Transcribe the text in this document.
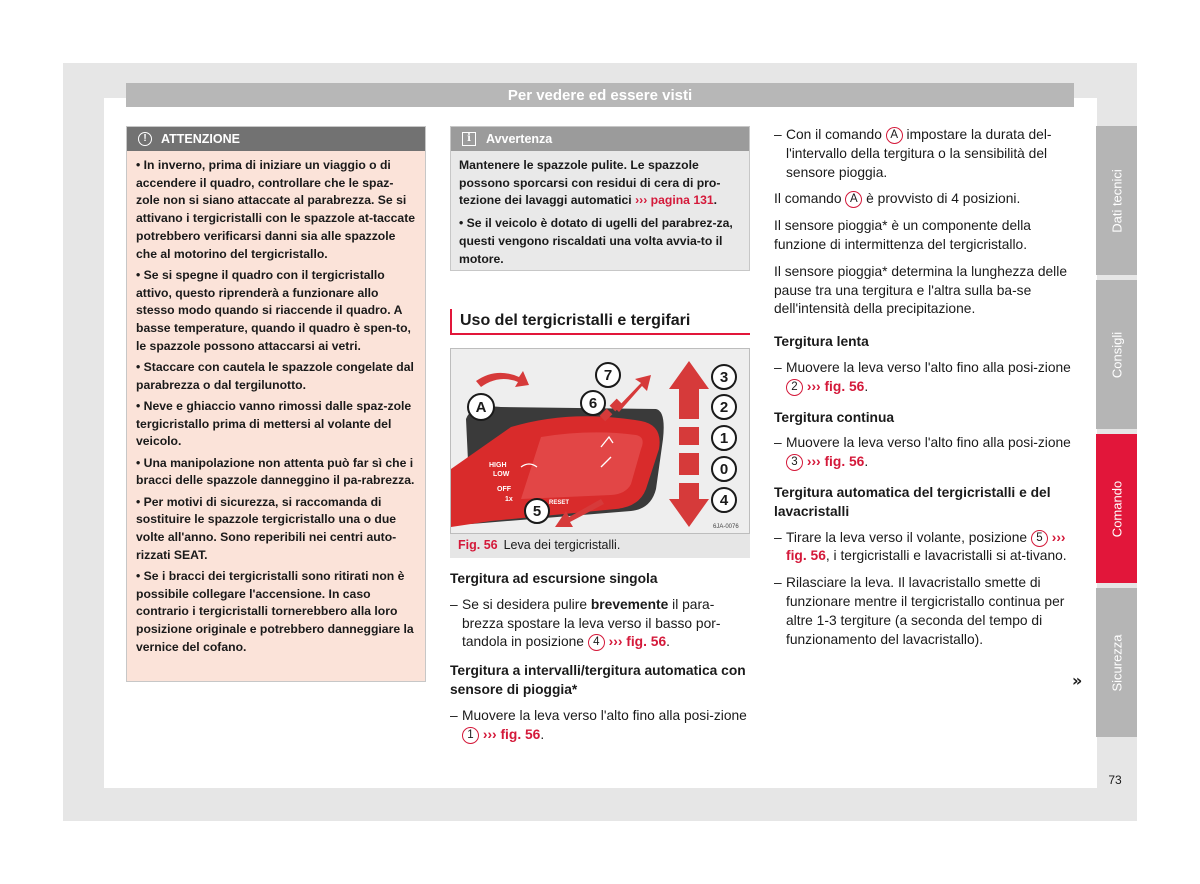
Per vedere ed essere visti
Dati tecnici
Consigli
Comando
Sicurezza
!	ATTENZIONE

• In inverno, prima di iniziare un viaggio o di accendere il quadro, controllare che le spaz-zole non si siano attaccate al parabrezza. Se si attivano i tergicristalli con le spazzole at-taccate potrebbero verificarsi danni sia alle spazzole che al motorino del tergicristallo.

• Se si spegne il quadro con il tergicristallo attivo, questo riprenderà a funzionare allo stesso modo quando si riaccende il quadro. A basse temperature, quando il quadro è spen-to, le spazzole possono attaccarsi ai vetri.

• Staccare con cautela le spazzole congelate dal parabrezza o dal tergilunotto.

• Neve e ghiaccio vanno rimossi dalle spaz-zole tergicristallo prima di mettersi al volante del veicolo.

• Una manipolazione non attenta può far sì che i bracci delle spazzole danneggino il pa-rabrezza.

• Per motivi di sicurezza, si raccomanda di sostituire le spazzole tergicristallo una o due volte all'anno. Sono reperibili nei centri auto-rizzati SEAT.

• Se i bracci dei tergicristalli sono ritirati non è possibile collegare l'accensione. In caso contrario i tergicristalli tornerebbero alla loro posizione originale e potrebbero danneggiare la vernice del cofano.

i	Avvertenza

Mantenere le spazzole pulite. Le spazzole possono sporcarsi con residui di cera di pro-tezione dei lavaggi automatici ››› pagina 131.

• Se il veicolo è dotato di ugelli del parabrez-za, questi vengono riscaldati una volta avvia-to il motore.

Uso del tergicristalli e tergifari
HIGH
LOW
OFF
1x	RESET
A
7
6
5
3
2
1
0
4
6JA-0076
Fig. 56 Leva dei tergicristalli.
Tergitura ad escursione singola
– Se si desidera pulire brevemente il para-brezza spostare la leva verso il basso por-tandola in posizione 4 ››› fig. 56.
Tergitura a intervalli/tergitura automatica con sensore di pioggia*
– Muovere la leva verso l'alto fino alla posi-zione 1 ››› fig. 56.
– Con il comando A impostare la durata del-l'intervallo della tergitura o la sensibilità del sensore pioggia.

Il comando A è provvisto di 4 posizioni.

Il sensore pioggia* è un componente della funzione di intermittenza del tergicristallo.

Il sensore pioggia* determina la lunghezza delle pause tra una tergitura e l'altra sulla ba-se dell'intensità della precipitazione.

Tergitura lenta
– Muovere la leva verso l'alto fino alla posi-zione 2 ››› fig. 56.
Tergitura continua
– Muovere la leva verso l'alto fino alla posi-zione 3 ››› fig. 56.
Tergitura automatica del tergicristalli e del lavacristalli
– Tirare la leva verso il volante, posizione 5 ››› fig. 56, i tergicristalli e lavacristalli si at-tivano.
– Rilasciare la leva. Il lavacristallo smette di funzionare mentre il tergicristallo continua per altre 1-3 tergiture (a seconda del tempo di funzionamento del lavacristallo).
»
73
